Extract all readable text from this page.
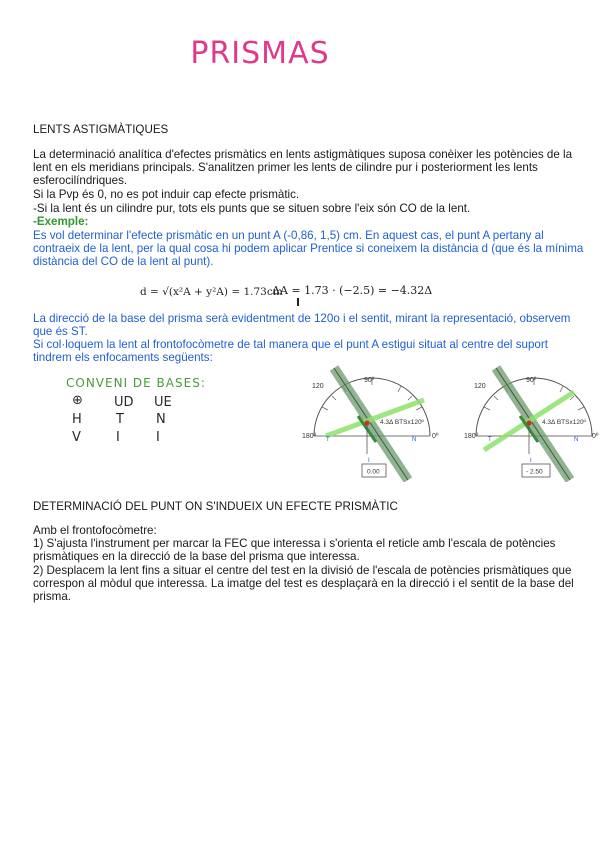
PRISMAS
LENTS ASTIGMÀTIQUES
La determinació analítica d'efectes prismàtics en lents astigmàtiques suposa conèixer les potències de la lent en els meridians principals. S'analitzen primer les lents de cilindre pur i posteriorment les lents esferocilíndriques.
Si la Pvp és 0, no es pot induir cap efecte prismàtic.
-Si la lent és un cilindre pur, tots els punts que se situen sobre l'eix són CO de la lent.
-Exemple:
Es vol determinar l'efecte prismàtic en un punt A (-0,86, 1,5) cm. En aquest cas, el punt A pertany al contraeix de la lent, per la qual cosa hi podem aplicar Prentice si coneixem la distància d (que és la mínima distància del CO de la lent al punt).
d = √(x²A + y²A) = 1.73cm
ΔA = 1.73 · (−2.5) = −4.32Δ
La direcció de la base del prisma serà evidentment de 120o i el sentit, mirant la representació, observem que és ST.
Si col·loquem la lent al frontofocòmetre de tal manera que el punt A estigui situat al centre del suport tindrem els enfocaments següents:
CONVENI DE BASES:
⊕ UD UE
H	T N
V	I	I
90º
120
180º	0º
T	N
I
4.3Δ BTSx120º
0.00
90º
120
180º	0º
T	N
I
4.3Δ BTSx120º
- 2.50
DETERMINACIÓ DEL PUNT ON S'INDUEIX UN EFECTE PRISMÀTIC
Amb el frontofocòmetre:
1) S'ajusta l'instrument per marcar la FEC que interessa i s'orienta el reticle amb l'escala de potències prismàtiques en la direcció de la base del prisma que interessa.
2) Desplacem la lent fins a situar el centre del test en la divisió de l'escala de potències prismàtiques que correspon al mòdul que interessa. La imatge del test es desplaçarà en la direcció i el sentit de la base del prisma.
